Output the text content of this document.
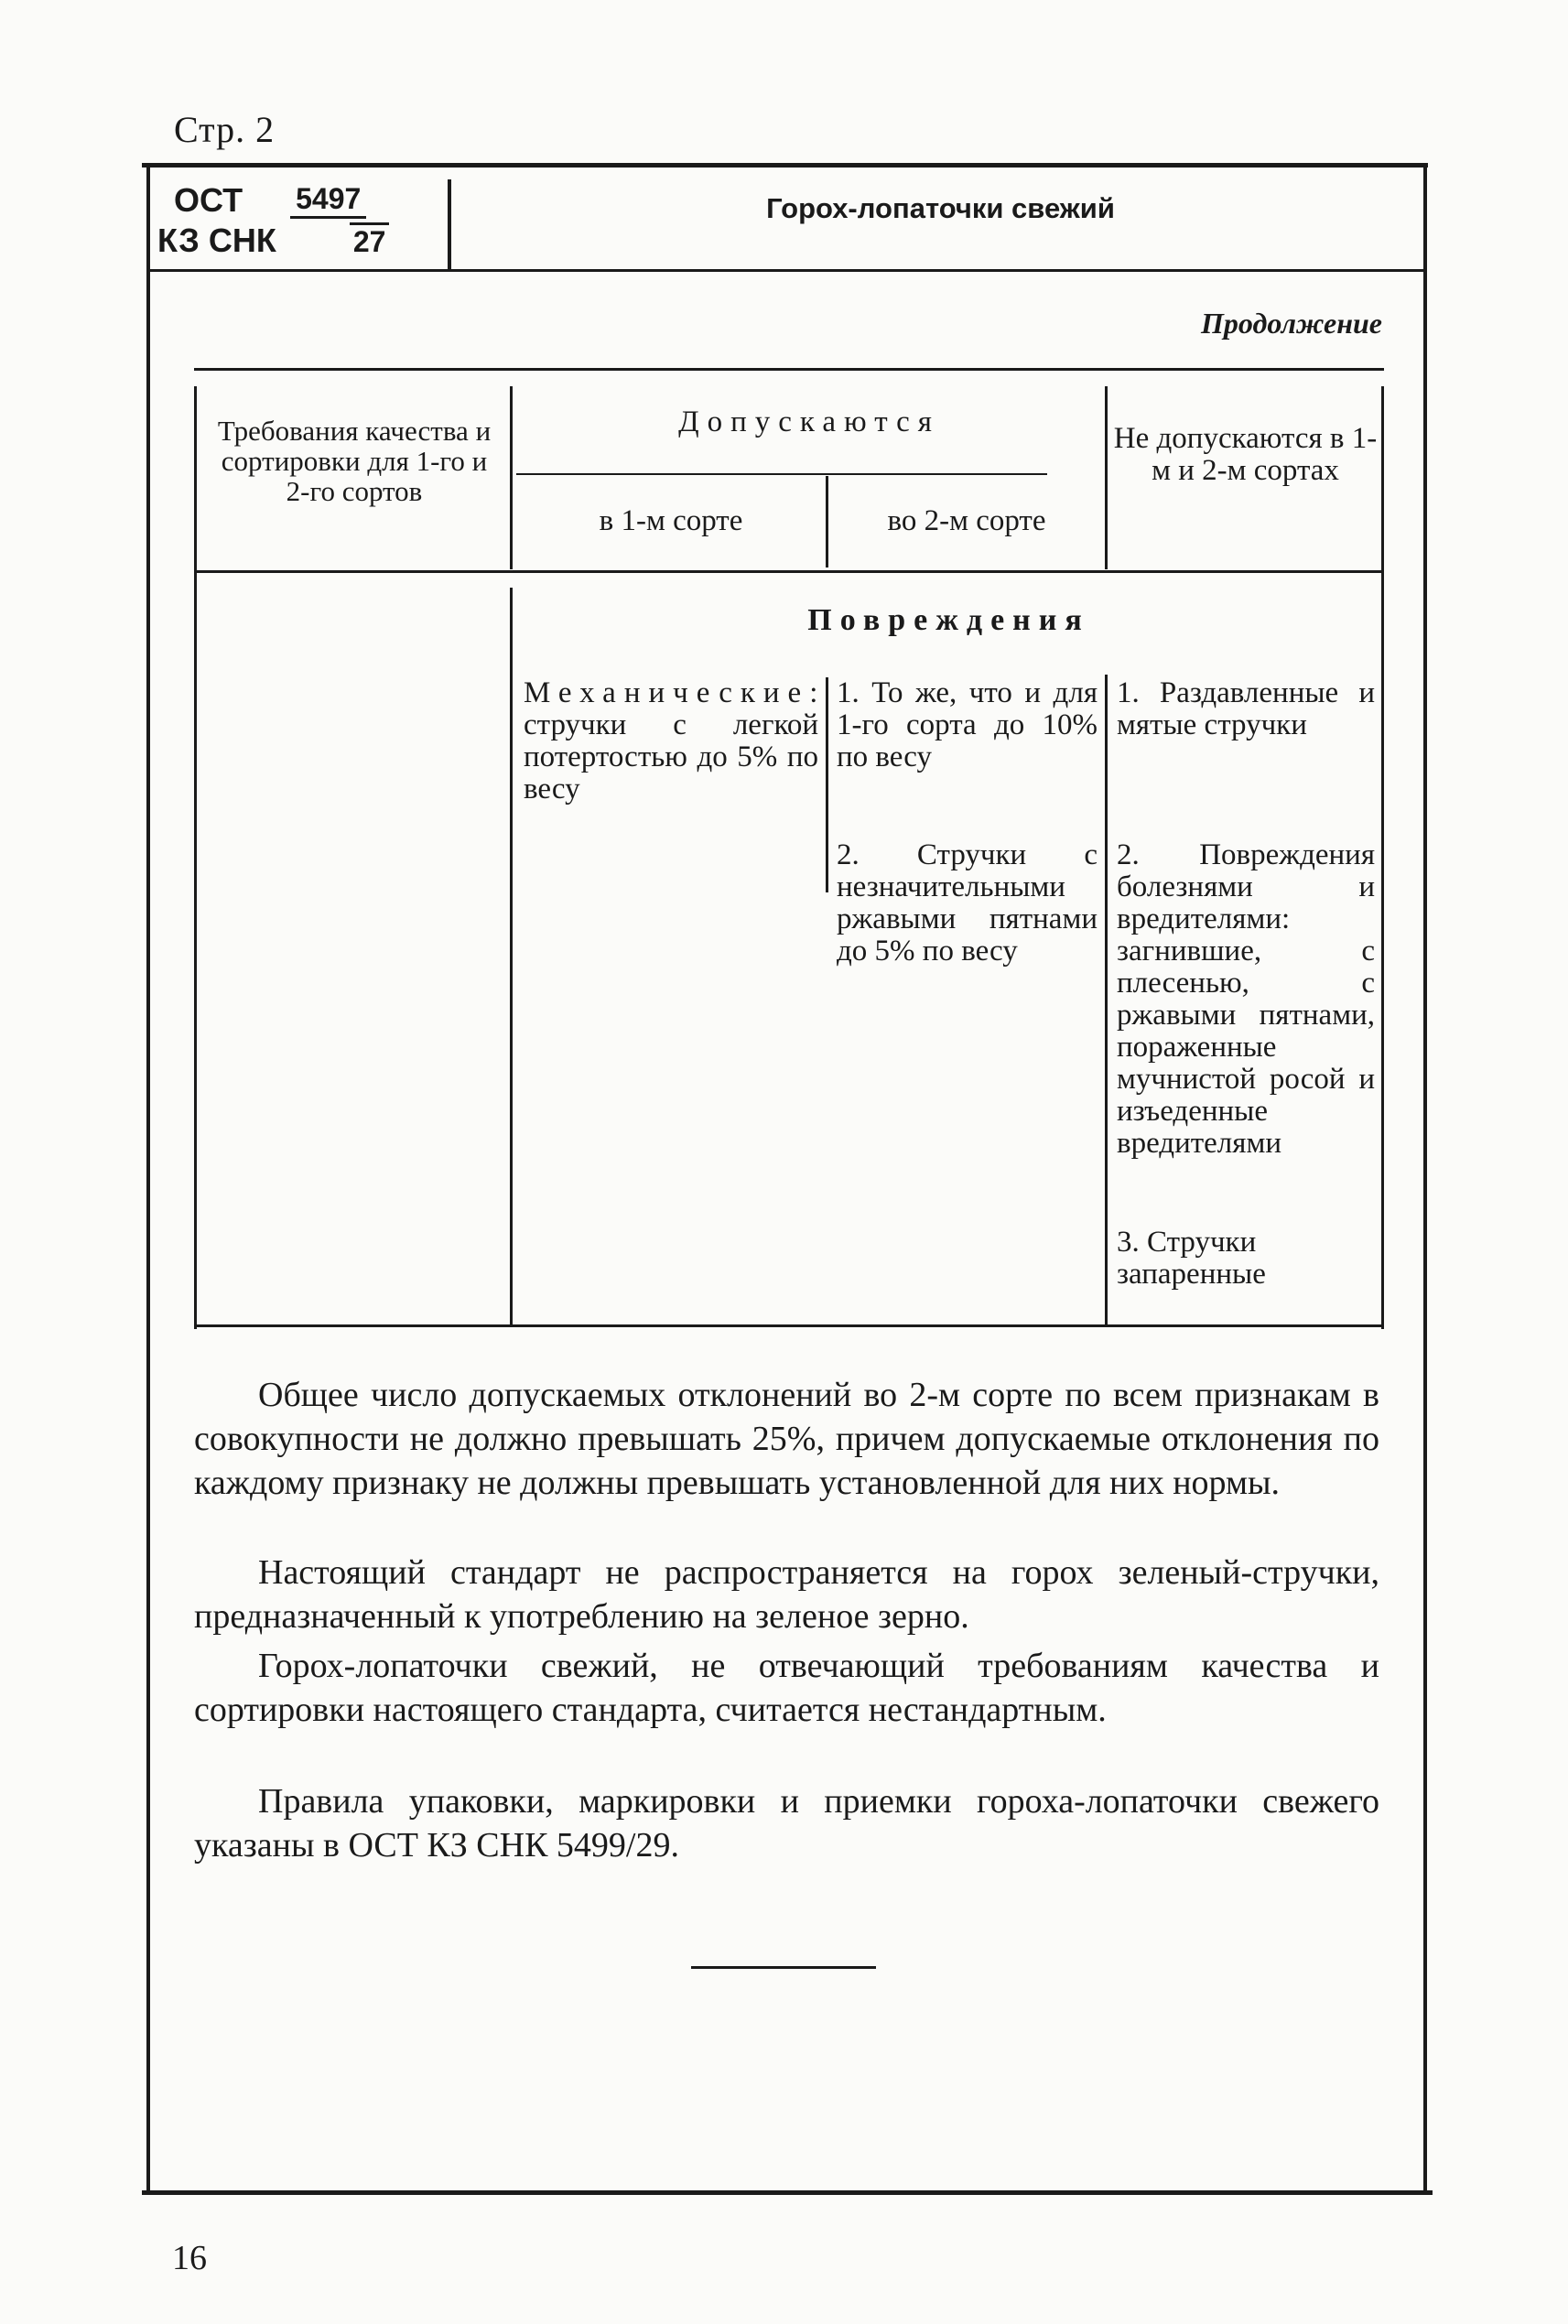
Стр. 2
ОСТ 5497
КЗ СНК	27
Горох-лопаточки свежий
Продолжение
Требования качества и сортировки для 1-го и 2-го сортов
Допускаются
в 1-м сорте	во 2-м сорте
Не допускаются в 1-м и 2-м сортах
Повреждения
Механические: стручки с легкой потертостью до 5% по весу
1. То же, что и для 1-го сорта до 10% по весу
2. Стручки с незначительными ржавыми пятнами до 5% по весу
1. Раздавленные и мятые стручки
2. Повреждения болезнями и вредителями: загнившие, с плесенью, с ржавыми пятнами, пораженные мучнистой росой и изъеденные вредителями
3. Стручки запаренные
Общее число допускаемых отклонений во 2-м сорте по всем признакам в совокупности не должно превышать 25%, причем допускаемые отклонения по каждому признаку не должны превышать установленной для них нормы.
Настоящий стандарт не распространяется на горох зеленый-стручки, предназначенный к употреблению на зеленое зерно.
Горох-лопаточки свежий, не отвечающий требованиям качества и сортировки настоящего стандарта, считается нестандартным.
Правила упаковки, маркировки и приемки гороха-лопаточки свежего указаны в ОСТ КЗ СНК 5499/29.
16
